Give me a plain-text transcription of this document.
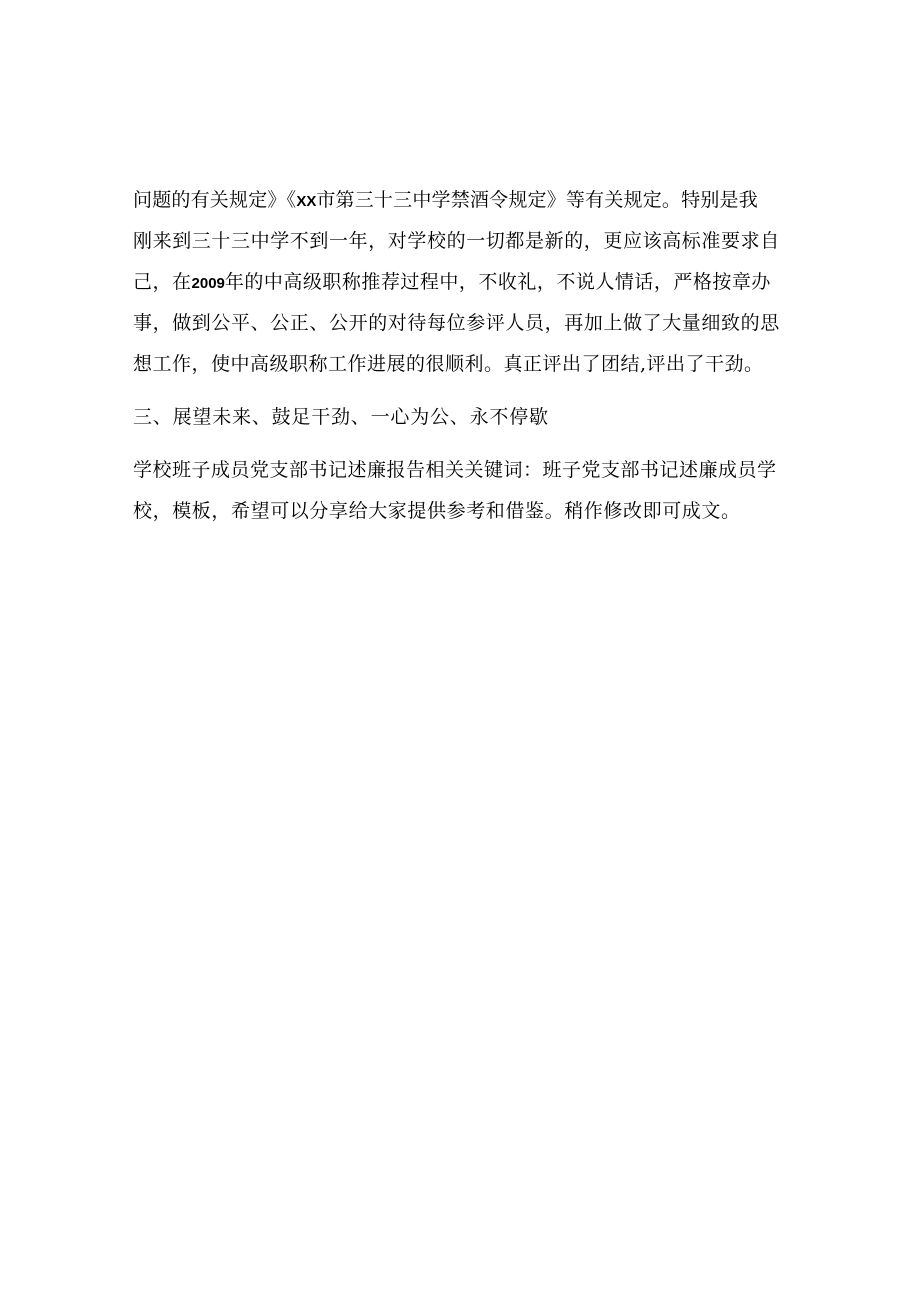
问题的有关规定》《XX市第三十三中学禁酒令规定》等有关规定。特别是我
刚来到三十三中学不到一年，对学校的一切都是新的，更应该高标准要求自
己，在2009年的中高级职称推荐过程中，不收礼，不说人情话，严格按章办
事，做到公平、公正、公开的对待每位参评人员，再加上做了大量细致的思
想工作，使中高级职称工作进展的很顺利。真正评出了团结,评出了干劲。
三、展望未来、鼓足干劲、一心为公、永不停歇
学校班子成员党支部书记述廉报告相关关键词：班子党支部书记述廉成员学
校，模板，希望可以分享给大家提供参考和借鉴。稍作修改即可成文。
